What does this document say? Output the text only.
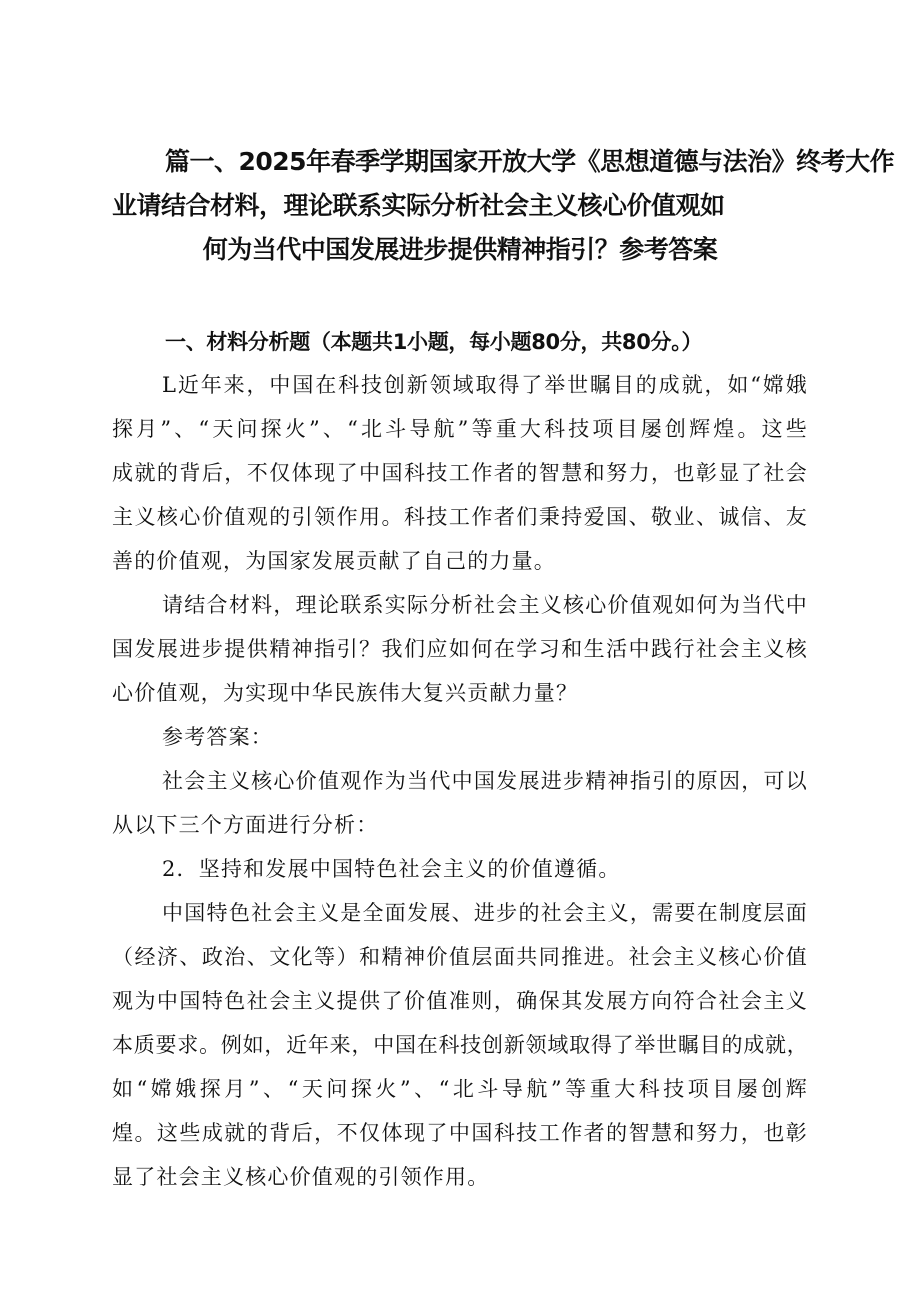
篇一、2025年春季学期国家开放大学《思想道德与法治》终考大作
业请结合材料，理论联系实际分析社会主义核心价值观如
何为当代中国发展进步提供精神指引？参考答案
一、材料分析题（本题共1小题，每小题80分，共80分。）
L近年来，中国在科技创新领域取得了举世瞩目的成就，如“嫦娥
探月”、“天问探火”、“北斗导航”等重大科技项目屡创辉煌。这些
成就的背后，不仅体现了中国科技工作者的智慧和努力，也彰显了社会
主义核心价值观的引领作用。科技工作者们秉持爱国、敬业、诚信、友
善的价值观，为国家发展贡献了自己的力量。
请结合材料，理论联系实际分析社会主义核心价值观如何为当代中
国发展进步提供精神指引？我们应如何在学习和生活中践行社会主义核
心价值观，为实现中华民族伟大复兴贡献力量？
参考答案：
社会主义核心价值观作为当代中国发展进步精神指引的原因，可以
从以下三个方面进行分析：
2．坚持和发展中国特色社会主义的价值遵循。
中国特色社会主义是全面发展、进步的社会主义，需要在制度层面
（经济、政治、文化等）和精神价值层面共同推进。社会主义核心价值
观为中国特色社会主义提供了价值准则，确保其发展方向符合社会主义
本质要求。例如，近年来，中国在科技创新领域取得了举世瞩目的成就，
如“嫦娥探月”、“天问探火”、“北斗导航”等重大科技项目屡创辉
煌。这些成就的背后，不仅体现了中国科技工作者的智慧和努力，也彰
显了社会主义核心价值观的引领作用。
